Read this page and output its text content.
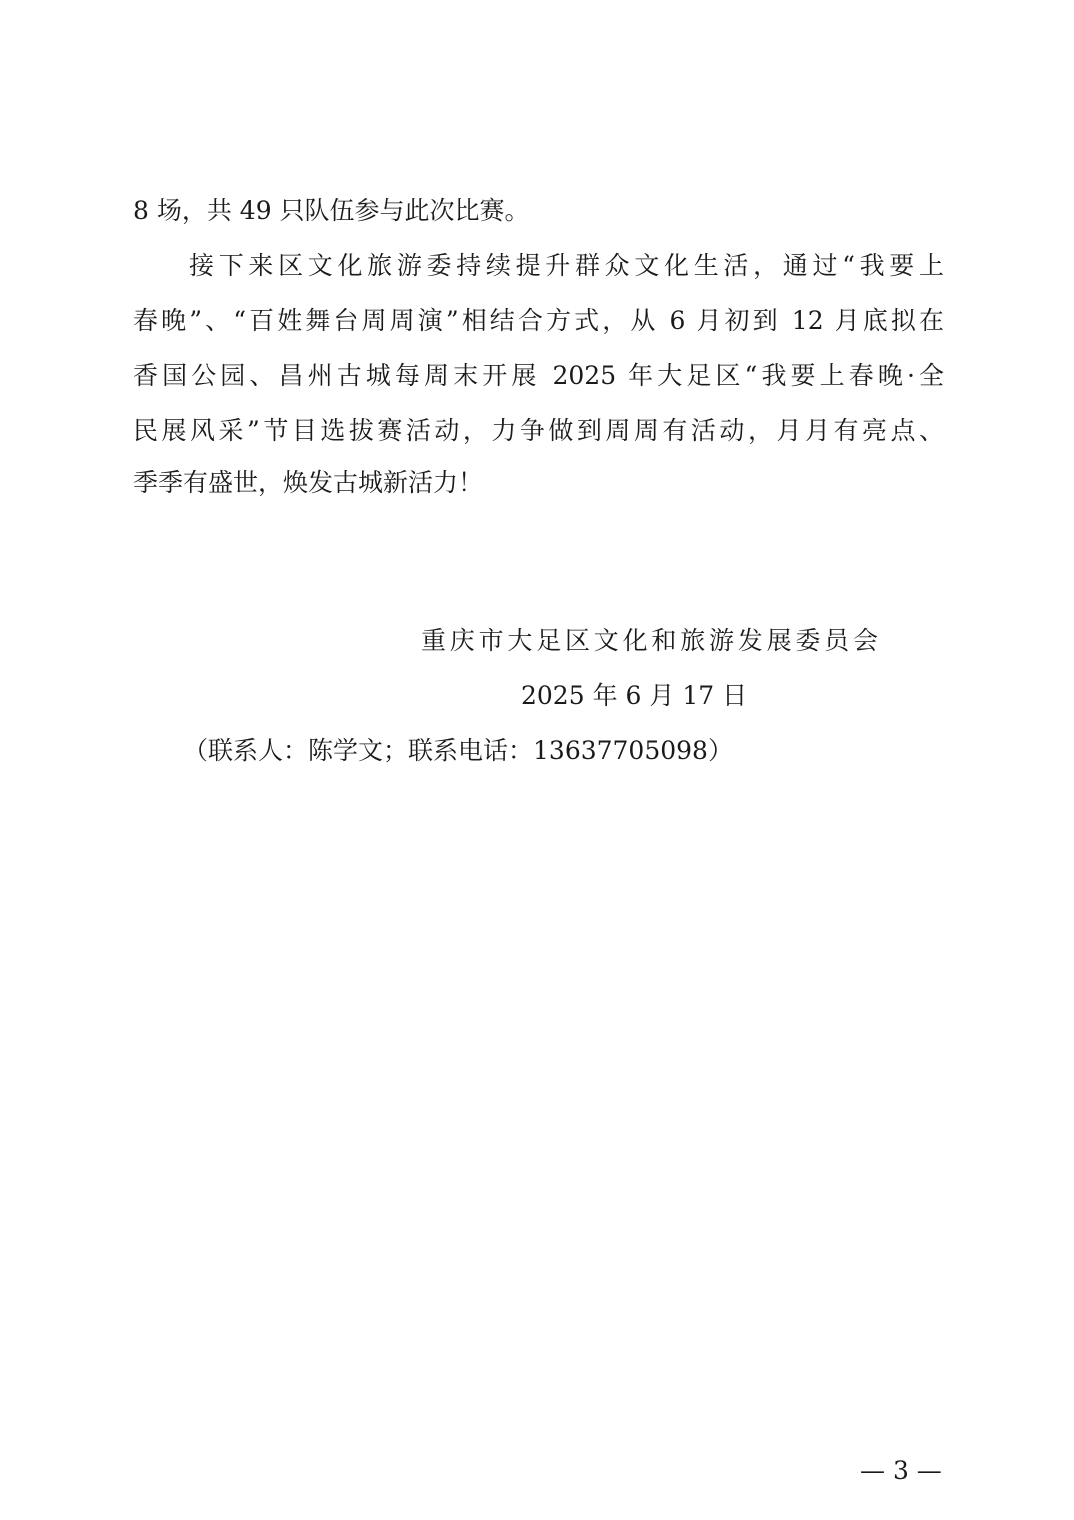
8 场，共 49 只队伍参与此次比赛。
接下来区文化旅游委持续提升群众文化生活，通过“我要上
春晚”、“百姓舞台周周演”相结合方式，从 6 月初到 12 月底拟在
香国公园、昌州古城每周末开展 2025 年大足区“我要上春晚·全
民展风采”节目选拔赛活动，力争做到周周有活动，月月有亮点、
季季有盛世，焕发古城新活力！
重庆市大足区文化和旅游发展委员会
2025 年 6 月 17 日
（联系人：陈学文；联系电话：13637705098）
— 3 —
